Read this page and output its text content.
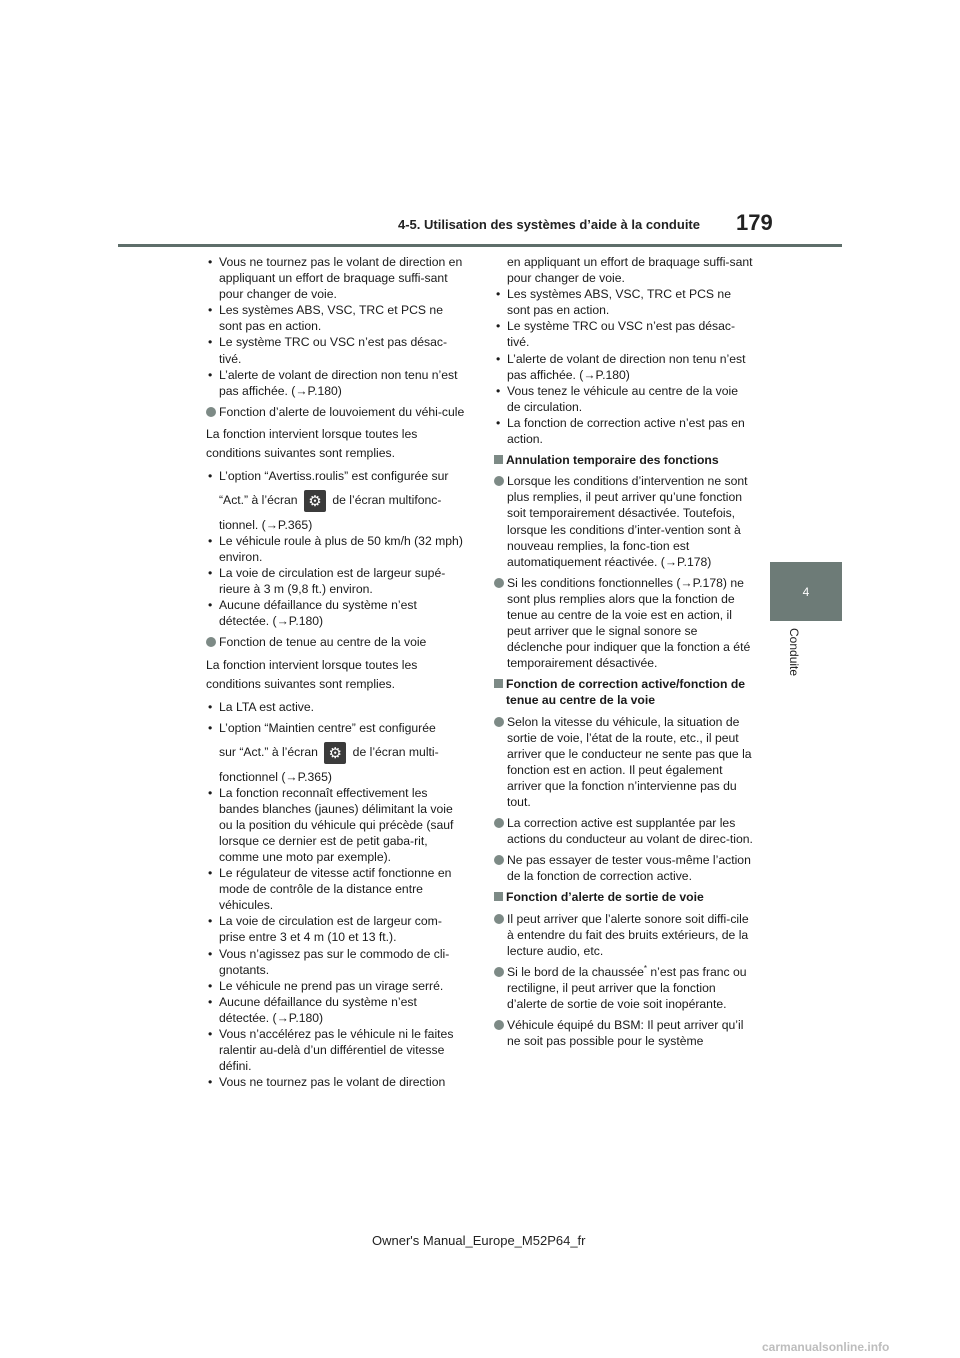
4-5. Utilisation des systèmes d’aide à la conduite 179
4
Conduite
• Vous ne tournez pas le volant de direction en appliquant un effort de braquage suffi-sant pour changer de voie.
• Les systèmes ABS, VSC, TRC et PCS ne sont pas en action.
• Le système TRC ou VSC n’est pas désac-tivé.
• L’alerte de volant de direction non tenu n’est pas affichée. (→P.180)
Fonction d’alerte de louvoiement du véhi-cule
La fonction intervient lorsque toutes les
conditions suivantes sont remplies.
• L’option “Avertiss.roulis” est configurée sur
“Act.” à l’écran ⚙	de l’écran multifonc-
tionnel. (→P.365)
• Le véhicule roule à plus de 50 km/h (32 mph) environ.
• La voie de circulation est de largeur supé-rieure à 3 m (9,8 ft.) environ.
• Aucune défaillance du système n’est détectée. (→P.180)
Fonction de tenue au centre de la voie
La fonction intervient lorsque toutes les
conditions suivantes sont remplies.
• La LTA est active.
• L’option “Maintien centre” est configurée
sur “Act.” à l’écran ⚙	de l’écran multi-
fonctionnel (→P.365)
• La fonction reconnaît effectivement les bandes blanches (jaunes) délimitant la voie ou la position du véhicule qui précède (sauf lorsque ce dernier est de petit gaba-rit, comme une moto par exemple).
• Le régulateur de vitesse actif fonctionne en mode de contrôle de la distance entre véhicules.
• La voie de circulation est de largeur com-prise entre 3 et 4 m (10 et 13 ft.).
• Vous n’agissez pas sur le commodo de cli-gnotants.
• Le véhicule ne prend pas un virage serré.
• Aucune défaillance du système n’est détectée. (→P.180)
• Vous n’accélérez pas le véhicule ni le faites ralentir au-delà d’un différentiel de vitesse défini.
• Vous ne tournez pas le volant de direction
en appliquant un effort de braquage suffi-sant pour changer de voie.
• Les systèmes ABS, VSC, TRC et PCS ne sont pas en action.
• Le système TRC ou VSC n’est pas désac-tivé.
• L’alerte de volant de direction non tenu n’est pas affichée. (→P.180)
• Vous tenez le véhicule au centre de la voie de circulation.
• La fonction de correction active n’est pas en action.
Annulation temporaire des fonctions
Lorsque les conditions d’intervention ne sont plus remplies, il peut arriver qu’une fonction soit temporairement désactivée. Toutefois, lorsque les conditions d’inter-vention sont à nouveau remplies, la fonc-tion est automatiquement réactivée. (→P.178)
Si les conditions fonctionnelles (→P.178) ne sont plus remplies alors que la fonction de tenue au centre de la voie est en action, il peut arriver que le signal sonore se déclenche pour indiquer que la fonction a été temporairement désactivée.
Fonction de correction active/fonction de tenue au centre de la voie
Selon la vitesse du véhicule, la situation de sortie de voie, l’état de la route, etc., il peut arriver que le conducteur ne sente pas que la fonction est en action. Il peut également arriver que la fonction n’intervienne pas du tout.
La correction active est supplantée par les actions du conducteur au volant de direc-tion.
Ne pas essayer de tester vous-même l’action de la fonction de correction active.
Fonction d’alerte de sortie de voie
Il peut arriver que l’alerte sonore soit diffi-cile à entendre du fait des bruits extérieurs, de la lecture audio, etc.
Si le bord de la chaussée* n’est pas franc ou rectiligne, il peut arriver que la fonction d’alerte de sortie de voie soit inopérante.
Véhicule équipé du BSM: Il peut arriver qu’il ne soit pas possible pour le système
Owner's Manual_Europe_M52P64_fr
carmanualsonline.info
